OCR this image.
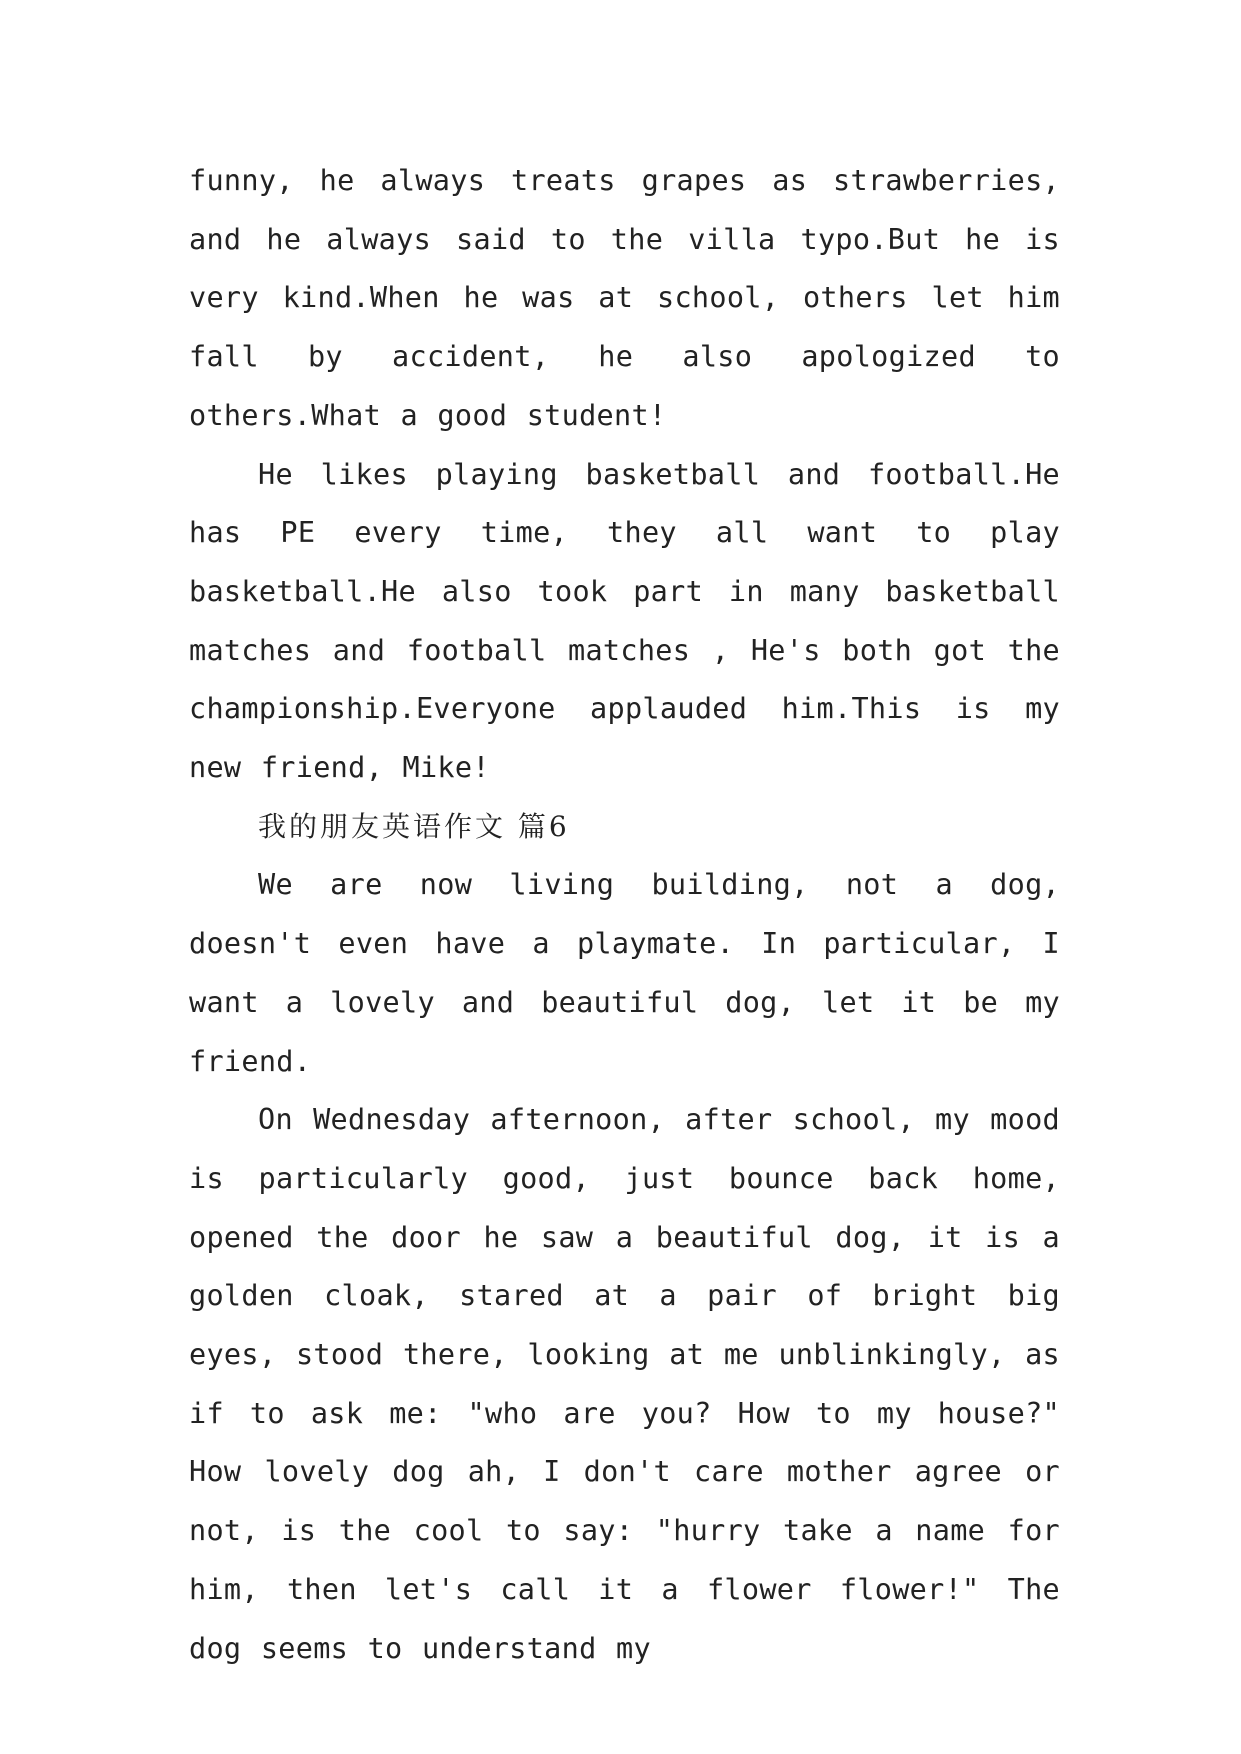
funny, he always treats grapes as strawberries, and he always said to the villa typo.But he is very kind.When he was at school, others let him fall by accident, he also apologized to others.What a good student!

He likes playing basketball and football.He has PE every time, they all want to play basketball.He also took part in many basketball matches and football matches , He's both got the championship.Everyone applauded him.This is my new friend, Mike!

我的朋友英语作文 篇6

We are now living building, not a dog, doesn't even have a playmate. In particular, I want a lovely and beautiful dog, let it be my friend.

On Wednesday afternoon, after school, my mood is particularly good, just bounce back home, opened the door he saw a beautiful dog, it is a golden cloak, stared at a pair of bright big eyes, stood there, looking at me unblinkingly, as if to ask me: "who are you? How to my house?" How lovely dog ah, I don't care mother agree or not, is the cool to say: "hurry take a name for him, then let's call it a flower flower!" The dog seems to understand my
